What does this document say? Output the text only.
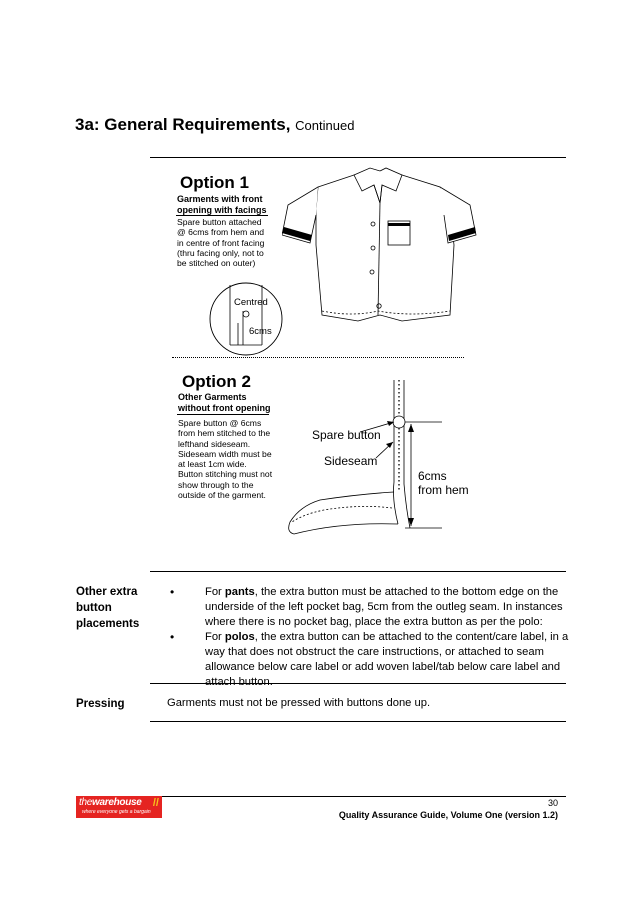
3a: General Requirements, Continued
Option 1
Garments with front
opening with facings
Spare button attached
@ 6cms from hem and
in centre of front facing
(thru facing only, not to
be stitched on outer)
Centred
6cms
Option 2
Other Garments
without front opening
Spare button @ 6cms
from hem stitched to the
lefthand sideseam.
Sideseam width must be
at least 1cm wide.
Button stitching must not
show through to the
outside of the garment.
Spare button
Sideseam
6cms
from hem
Other extra
button
placements
•	For pants, the extra button must be attached to the bottom edge on the underside of the left pocket bag, 5cm from the outleg seam. In instances where there is no pocket bag, place the extra button as per the polo:
•	For polos, the extra button can be attached to the content/care label, in a way that does not obstruct the care instructions, or attached to seam allowance below care label or add woven label/tab below care label and attach button.
Pressing	Garments must not be pressed with buttons done up.
thewarehouse //
where everyone gets a bargain
30
Quality Assurance Guide, Volume One (version 1.2)
